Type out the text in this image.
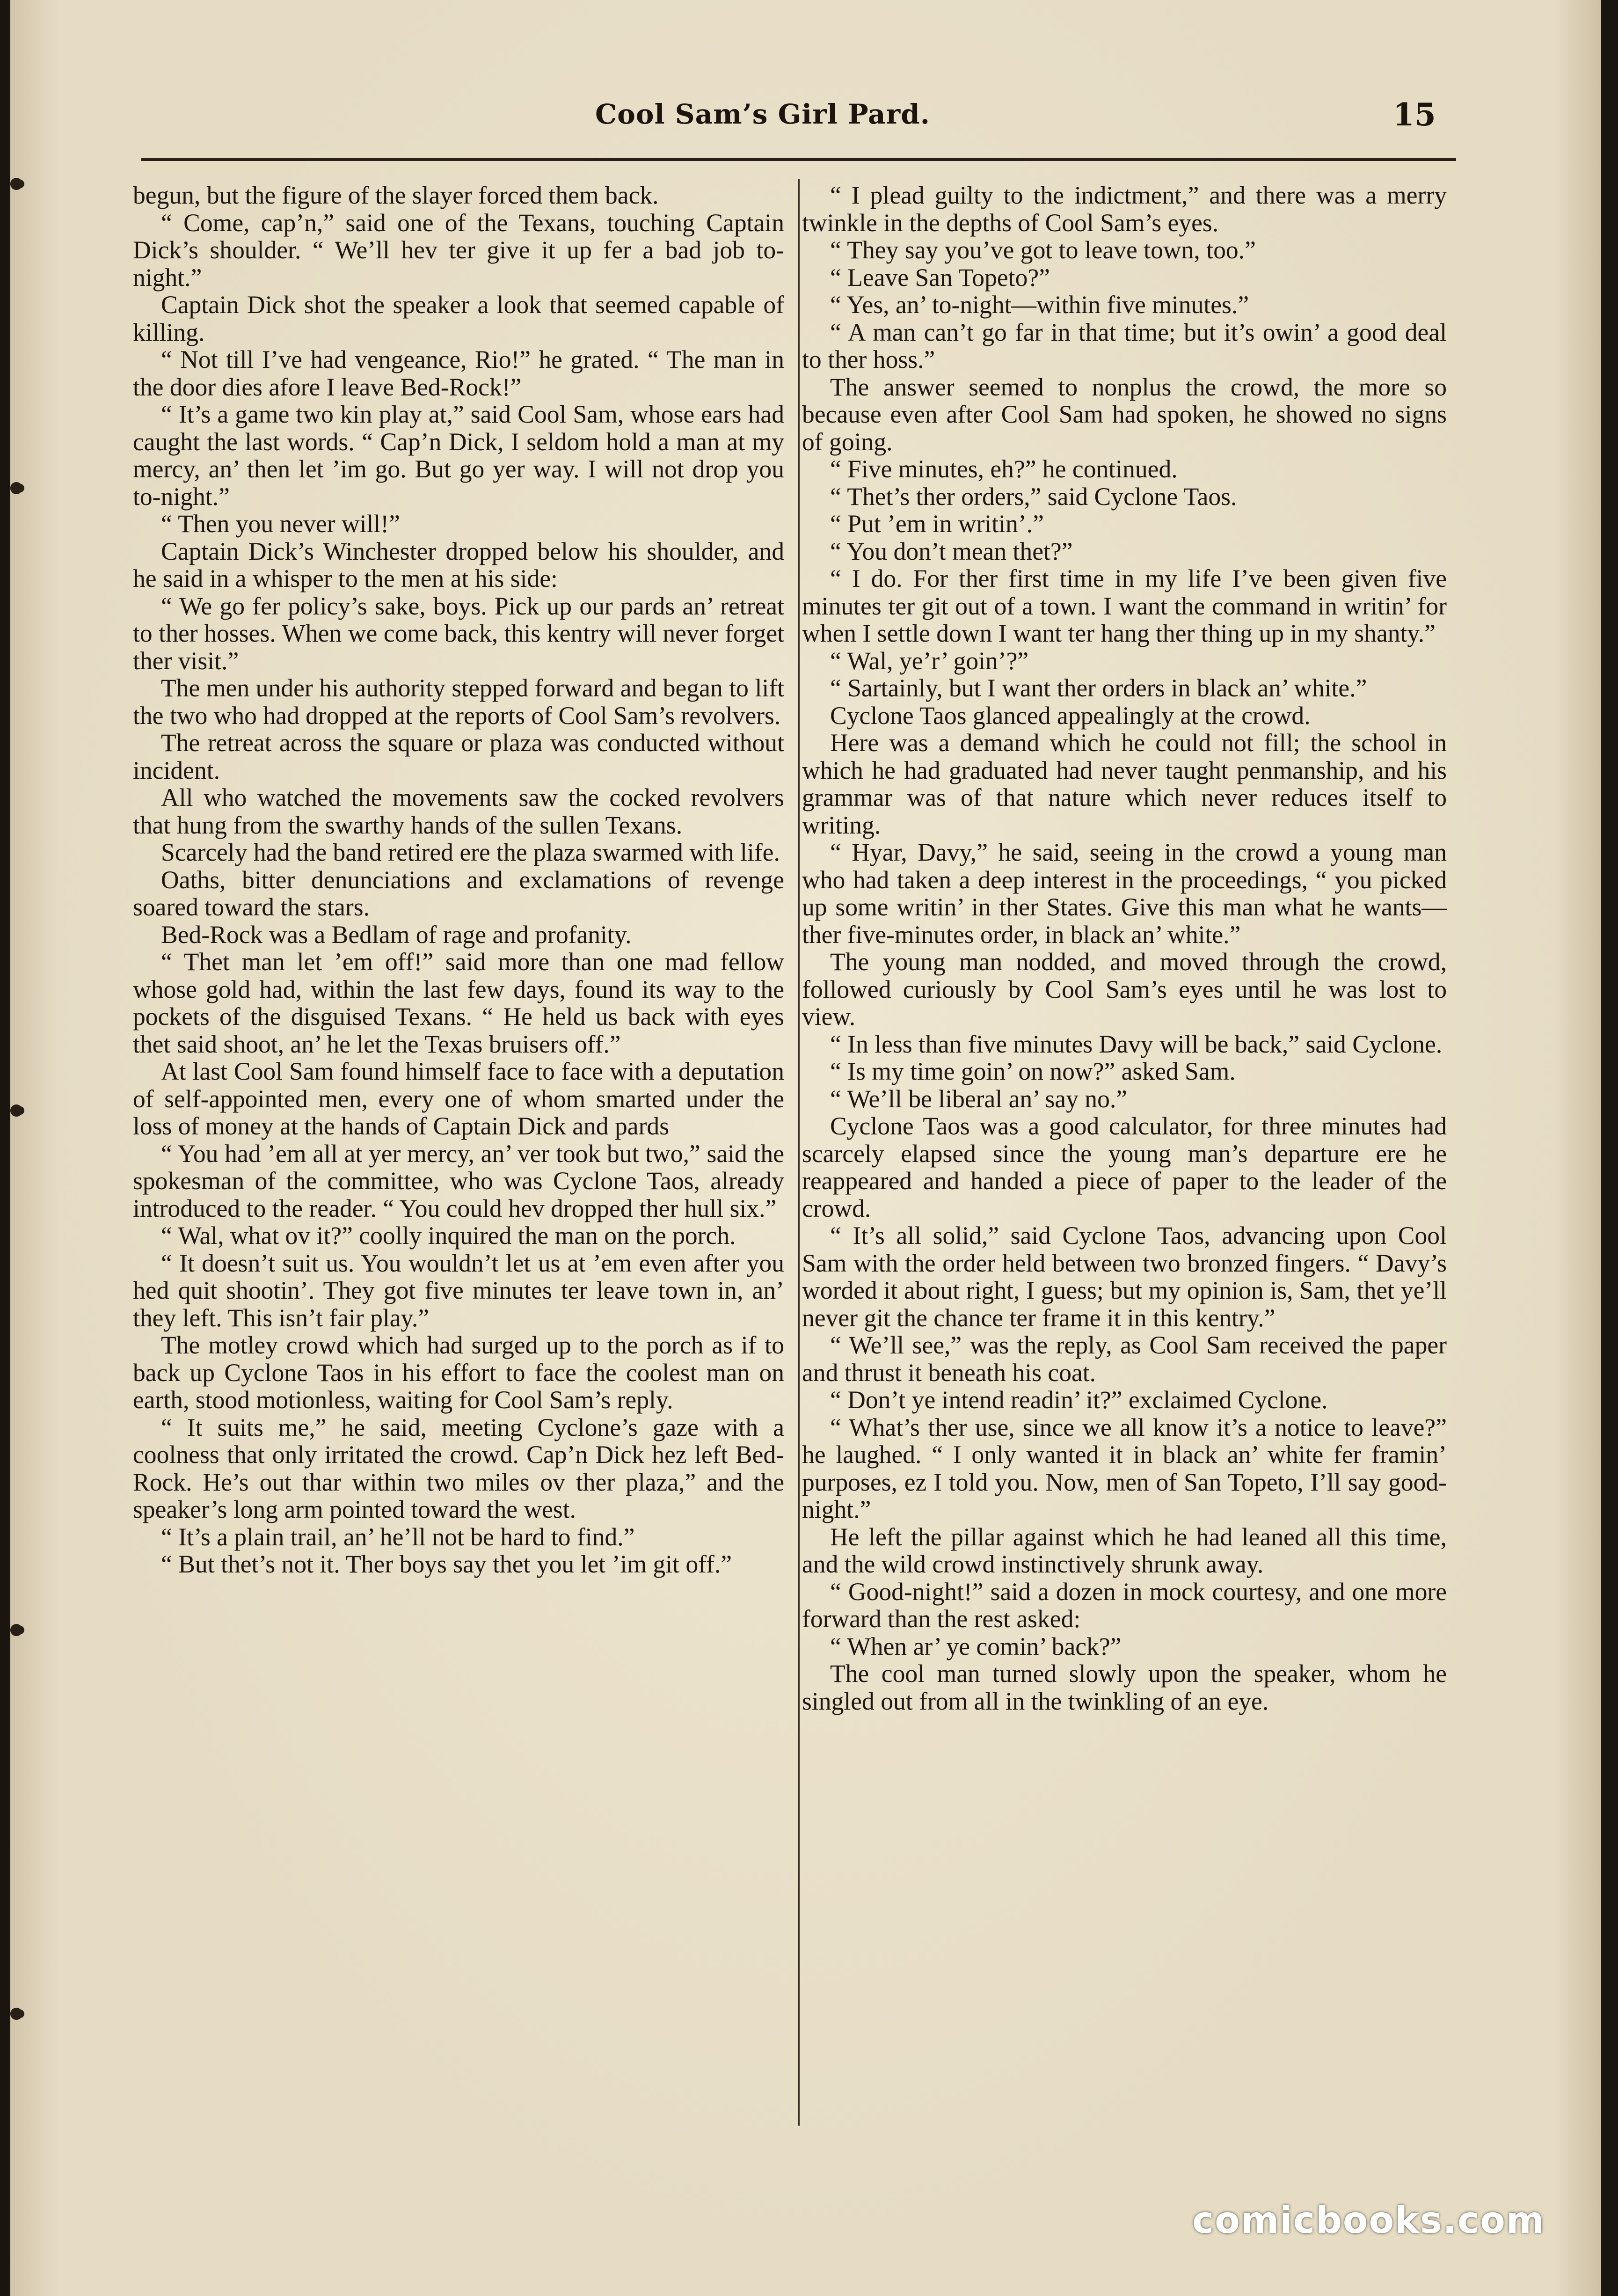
Cool Sam’s Girl Pard.	15

begun, but the figure of the slayer forced them back.

“ Come, cap’n,” said one of the Texans, touching Captain Dick’s shoulder. “ We’ll hev ter give it up fer a bad job to-night.”

Captain Dick shot the speaker a look that seemed capable of killing.

“ Not till I’ve had vengeance, Rio!” he grated. “ The man in the door dies afore I leave Bed-Rock!”

“ It’s a game two kin play at,” said Cool Sam, whose ears had caught the last words. “ Cap’n Dick, I seldom hold a man at my mercy, an’ then let ’im go. But go yer way. I will not drop you to-night.”

“ Then you never will!”

Captain Dick’s Winchester dropped below his shoulder, and he said in a whisper to the men at his side:

“ We go fer policy’s sake, boys. Pick up our pards an’ retreat to ther hosses. When we come back, this kentry will never forget ther visit.”

The men under his authority stepped forward and began to lift the two who had dropped at the reports of Cool Sam’s revolvers.

The retreat across the square or plaza was conducted without incident.

All who watched the movements saw the cocked revolvers that hung from the swarthy hands of the sullen Texans.

Scarcely had the band retired ere the plaza swarmed with life.

Oaths, bitter denunciations and exclamations of revenge soared toward the stars.

Bed-Rock was a Bedlam of rage and profanity.

“ Thet man let ’em off!” said more than one mad fellow whose gold had, within the last few days, found its way to the pockets of the disguised Texans. “ He held us back with eyes thet said shoot, an’ he let the Texas bruisers off.”

At last Cool Sam found himself face to face with a deputation of self-appointed men, every one of whom smarted under the loss of money at the hands of Captain Dick and pards

“ You had ’em all at yer mercy, an’ ver took but two,” said the spokesman of the committee, who was Cyclone Taos, already introduced to the reader. “ You could hev dropped ther hull six.”

“ Wal, what ov it?” coolly inquired the man on the porch.

“ It doesn’t suit us. You wouldn’t let us at ’em even after you hed quit shootin’. They got five minutes ter leave town in, an’ they left. This isn’t fair play.”

The motley crowd which had surged up to the porch as if to back up Cyclone Taos in his effort to face the coolest man on earth, stood motionless, waiting for Cool Sam’s reply.

“ It suits me,” he said, meeting Cyclone’s gaze with a coolness that only irritated the crowd. Cap’n Dick hez left Bed-Rock. He’s out thar within two miles ov ther plaza,” and the speaker’s long arm pointed toward the west.

“ It’s a plain trail, an’ he’ll not be hard to find.”

“ But thet’s not it. Ther boys say thet you let ’im git off.”

“ I plead guilty to the indictment,” and there was a merry twinkle in the depths of Cool Sam’s eyes.

“ They say you’ve got to leave town, too.”

“ Leave San Topeto?”

“ Yes, an’ to-night—within five minutes.”

“ A man can’t go far in that time; but it’s owin’ a good deal to ther hoss.”

The answer seemed to nonplus the crowd, the more so because even after Cool Sam had spoken, he showed no signs of going.

“ Five minutes, eh?” he continued.

“ Thet’s ther orders,” said Cyclone Taos.

“ Put ’em in writin’.”

“ You don’t mean thet?”

“ I do. For ther first time in my life I’ve been given five minutes ter git out of a town. I want the command in writin’ for when I settle down I want ter hang ther thing up in my shanty.”

“ Wal, ye’r’ goin’?”

“ Sartainly, but I want ther orders in black an’ white.”

Cyclone Taos glanced appealingly at the crowd.

Here was a demand which he could not fill; the school in which he had graduated had never taught penmanship, and his grammar was of that nature which never reduces itself to writing.

“ Hyar, Davy,” he said, seeing in the crowd a young man who had taken a deep interest in the proceedings, “ you picked up some writin’ in ther States. Give this man what he wants—ther five-minutes order, in black an’ white.”

The young man nodded, and moved through the crowd, followed curiously by Cool Sam’s eyes until he was lost to view.

“ In less than five minutes Davy will be back,” said Cyclone.

“ Is my time goin’ on now?” asked Sam.

“ We’ll be liberal an’ say no.”

Cyclone Taos was a good calculator, for three minutes had scarcely elapsed since the young man’s departure ere he reappeared and handed a piece of paper to the leader of the crowd.

“ It’s all solid,” said Cyclone Taos, advancing upon Cool Sam with the order held between two bronzed fingers. “ Davy’s worded it about right, I guess; but my opinion is, Sam, thet ye’ll never git the chance ter frame it in this kentry.”

“ We’ll see,” was the reply, as Cool Sam received the paper and thrust it beneath his coat.

“ Don’t ye intend readin’ it?” exclaimed Cyclone.

“ What’s ther use, since we all know it’s a notice to leave?” he laughed. “ I only wanted it in black an’ white fer framin’ purposes, ez I told you. Now, men of San Topeto, I’ll say good-night.”

He left the pillar against which he had leaned all this time, and the wild crowd instinctively shrunk away.

“ Good-night!” said a dozen in mock courtesy, and one more forward than the rest asked:

“ When ar’ ye comin’ back?”

The cool man turned slowly upon the speaker, whom he singled out from all in the twinkling of an eye.

comicbooks.com
